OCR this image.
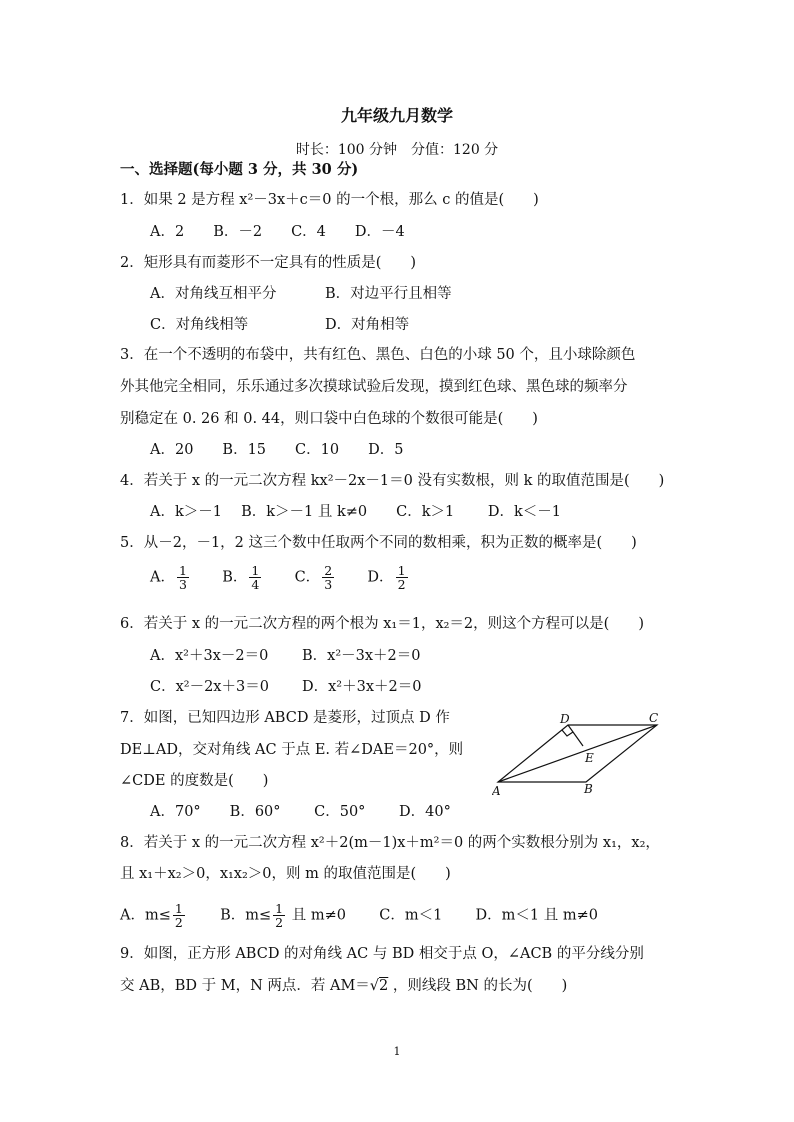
九年级九月数学
时长：100 分钟　分值：120 分
一、选择题(每小题 3 分，共 30 分)
1．如果 2 是方程 x²－3x＋c＝0 的一个根，那么 c 的值是(　　)
A．2　　B．－2　　C．4　　D．－4
2．矩形具有而菱形不一定具有的性质是(　　)
A．对角线互相平分	B．对边平行且相等
C．对角线相等	D．对角相等
3．在一个不透明的布袋中，共有红色、黑色、白色的小球 50 个，且小球除颜色
外其他完全相同，乐乐通过多次摸球试验后发现，摸到红色球、黑色球的频率分
别稳定在 0. 26 和 0. 44，则口袋中白色球的个数很可能是(　　)
A．20　　B．15　　C．10　　D．5
4．若关于 x 的一元二次方程 kx²－2x－1＝0 没有实数根，则 k 的取值范围是(　　)
A．k＞－1　 B．k＞－1 且 k≠0　　C．k＞1　　 D．k＜－1
5．从－2，－1，2 这三个数中任取两个不同的数相乘，积为正数的概率是(　　)
A． $\frac{1}{3}$ B． $\frac{1}{4}$ C． $\frac{2}{3}$ D． $\frac{1}{2}$
6．若关于 x 的一元二次方程的两个根为 x₁＝1，x₂＝2，则这个方程可以是(　　)
A．x²＋3x－2＝0 B．x²－3x＋2＝0
C．x²－2x＋3＝0 D．x²＋3x＋2＝0
7．如图，已知四边形 ABCD 是菱形，过顶点 D 作
DE⊥AD，交对角线 AC 于点 E. 若∠DAE＝20°，则
∠CDE 的度数是(　　)
A．70°　　B．60°　　 C．50°　　 D．40°
A	B
C
D
E
8．若关于 x 的一元二次方程 x²＋2(m－1)x＋m²＝0 的两个实数根分别为 x₁，x₂，
且 x₁＋x₂＞0，x₁x₂＞0，则 m 的取值范围是(　　)
A．$m\le \frac{1}{2}$ B．$m\le \frac{1}{2}$ 且 m≠0 C．m＜1 D．m＜1 且 m≠0
9．如图，正方形 ABCD 的对角线 AC 与 BD 相交于点 O，∠ACB 的平分线分别
交 AB，BD 于 M，N 两点．若 AM＝√2 ，则线段 BN 的长为(　　)
1
